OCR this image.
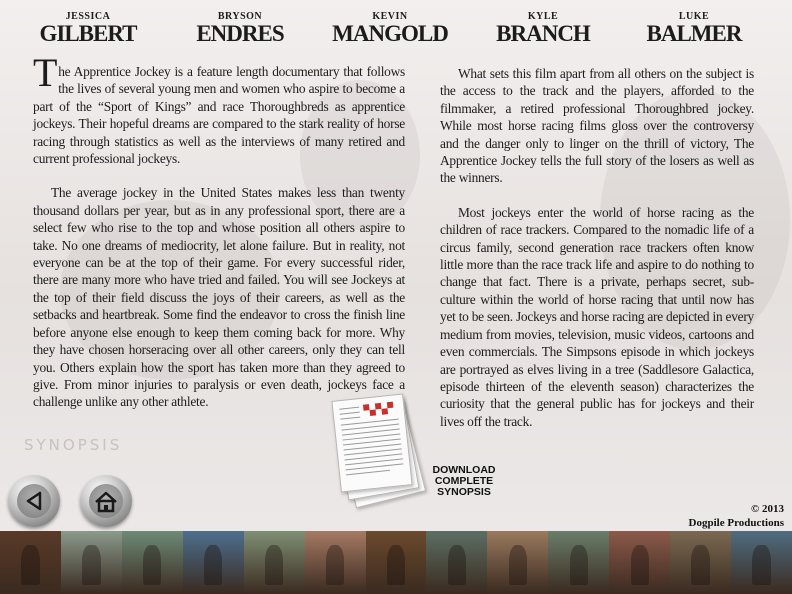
JESSICA
GILBERT
BRYSON
ENDRES
KEVIN
MANGOLD
KYLE
BRANCH
LUKE
BALMER

The Apprentice Jockey is a feature length documentary that follows the lives of several young men and women who aspire to become a part of the “Sport of Kings” and race Thoroughbreds as apprentice jockeys. Their hopeful dreams are compared to the stark reality of horse racing through statistics as well as the interviews of many retired and current professional jockeys.

The average jockey in the United States makes less than twenty thousand dollars per year, but as in any professional sport, there are a select few who rise to the top and whose position all others aspire to take. No one dreams of mediocrity, let alone failure. But in reality, not everyone can be at the top of their game. For every successful rider, there are many more who have tried and failed. You will see Jockeys at the top of their field discuss the joys of their careers, as well as the setbacks and heartbreak. Some find the endeavor to cross the finish line before anyone else enough to keep them coming back for more. Why they have chosen horseracing over all other careers, only they can tell you. Others explain how the sport has taken more than they agreed to give. From minor injuries to paralysis or even death, jockeys face a challenge unlike any other athlete.

What sets this film apart from all others on the subject is the access to the track and the players, afforded to the filmmaker, a retired professional Thoroughbred jockey. While most horse racing films gloss over the controversy and the danger only to linger on the thrill of victory, The Apprentice Jockey tells the full story of the losers as well as the winners.

Most jockeys enter the world of horse racing as the children of race trackers. Compared to the nomadic life of a circus family, second generation race trackers often know little more than the race track life and aspire to do nothing to change that fact. There is a private, perhaps secret, sub-culture within the world of horse racing that until now has yet to be seen. Jockeys and horse racing are depicted in every medium from movies, television, music videos, cartoons and even commercials. The Simpsons episode in which jockeys are portrayed as elves living in a tree (Saddlesore Galactica, episode thirteen of the eleventh season) characterizes the curiosity that the general public has for jockeys and their lives off the track.

SYNOPSIS
DOWNLOAD
COMPLETE
SYNOPSIS
© 2013
Dogpile Productions
